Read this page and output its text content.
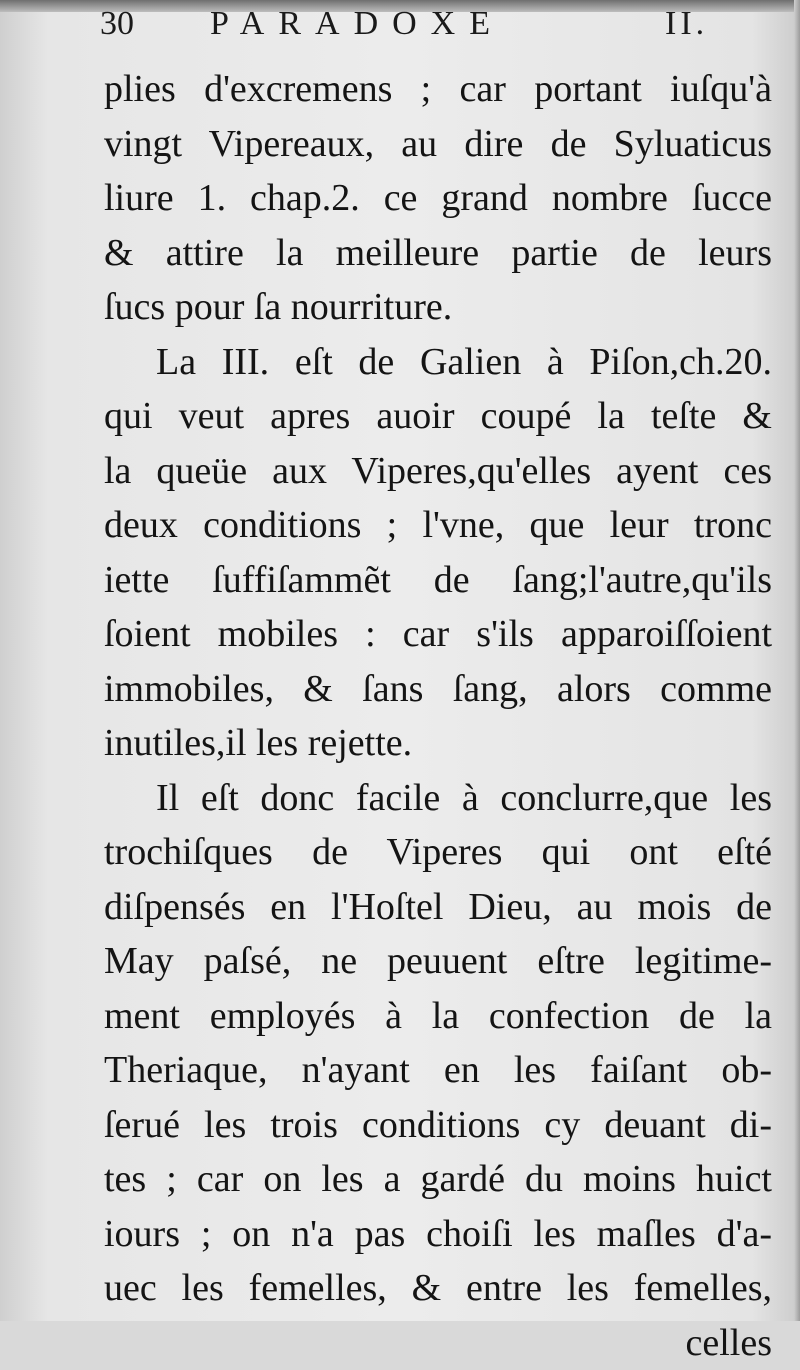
30 PARADOXE	II.
plies d'excremens ; car portant iuſqu'à
vingt Vipereaux, au dire de Syluaticus
liure 1. chap.2. ce grand nombre ſucce
& attire la meilleure partie de leurs
ſucs pour ſa nourriture.
La III. eſt de Galien à Piſon,ch.20.
qui veut apres auoir coupé la teſte &
la queüe aux Viperes,qu'elles ayent ces
deux conditions ; l'vne, que leur tronc
iette ſuffiſammẽt de ſang;l'autre,qu'ils
ſoient mobiles : car s'ils apparoiſſoient
immobiles, & ſans ſang, alors comme
inutiles,il les rejette.
Il eſt donc facile à conclurre,que les
trochiſques de Viperes qui ont eſté
diſpensés en l'Hoſtel Dieu, au mois de
May paſsé, ne peuuent eſtre legitime-
ment employés à la confection de la
Theriaque, n'ayant en les faiſant ob-
ſerué les trois conditions cy deuant di-
tes ; car on les a gardé du moins huict
iours ; on n'a pas choiſi les maſles d'a-
uec les femelles, & entre les femelles,
celles
